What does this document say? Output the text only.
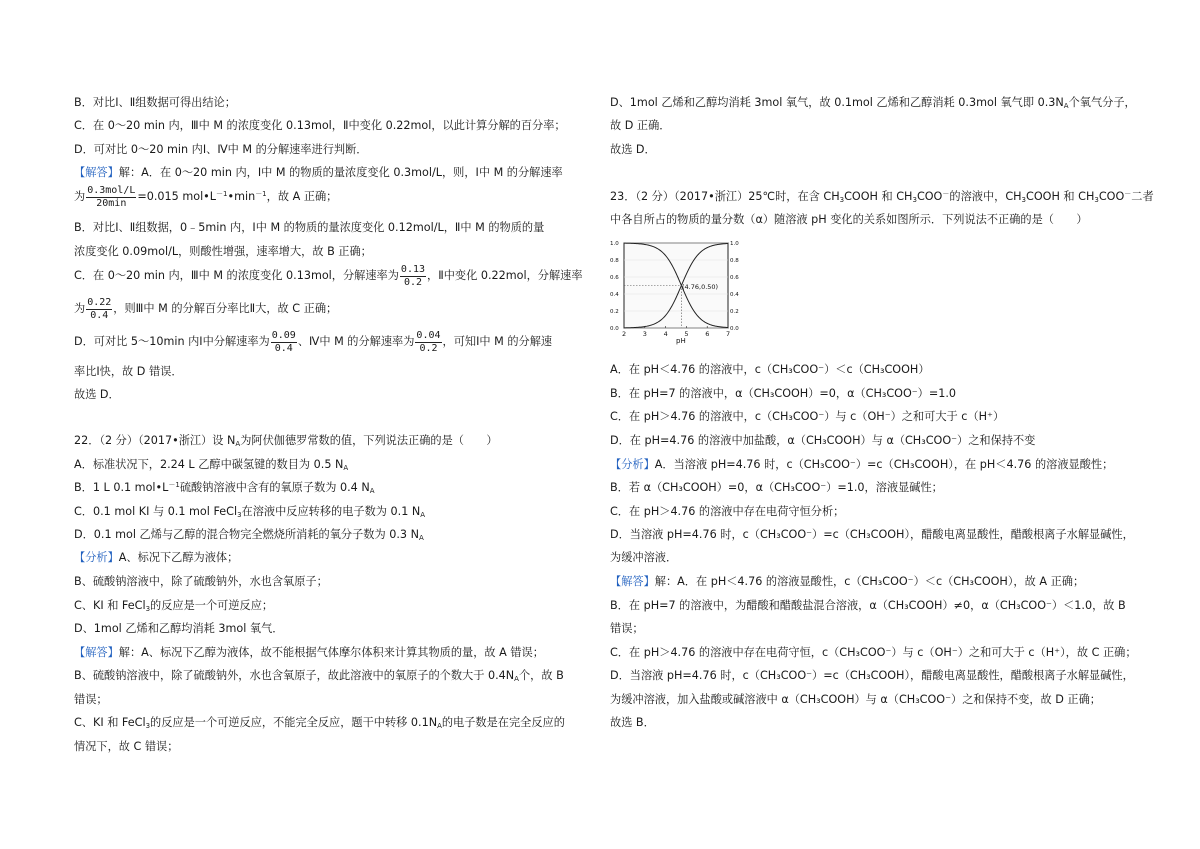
B．对比Ⅰ、Ⅱ组数据可得出结论；
C．在 0～20 min 内，Ⅲ中 M 的浓度变化 0.13mol，Ⅱ中变化 0.22mol，以此计算分解的百分率；
D．可对比 0～20 min 内Ⅰ、Ⅳ中 M 的分解速率进行判断．
【解答】解：A．在 0～20 min 内，Ⅰ中 M 的物质的量浓度变化 0.3mol/L，则，Ⅰ中 M 的分解速率
为 $\frac{\text{0.3mol/L}}{20\min} =0.015$ $mol•L^{-1}•\min^{-1}$，故 A 正确；
B．对比Ⅰ、Ⅱ组数据，0﹣5min 内，Ⅰ中 M 的物质的量浓度变化 0.12mol/L，Ⅱ中 M 的物质的量
浓度变化 0.09mol/L，则酸性增强，速率增大，故 B 正确；
C．在 0～20 min 内，Ⅲ中 M 的浓度变化 0.13mol，分解速率为 $\frac{0.13}{0.2}$ ，Ⅱ中变化 0.22mol，分解速率
为 $\frac{0.22}{0.4}$ ，则Ⅲ中 M 的分解百分率比Ⅱ大，故 C 正确；
D．可对比 5～10min 内Ⅰ中分解速率为 $\frac{0.09}{0.4}$ 、Ⅳ中 M 的分解速率为 $\frac{0.04}{0.2}$ ，可知Ⅰ中 M 的分解速
率比Ⅰ快，故 D 错误．
故选 D．
22．（2 分）（2017•浙江）设 $N_A$为阿伏伽德罗常数的值，下列说法正确的是（　　）
A．标准状况下，2.24 L 乙醇中碳氢键的数目为 0.5 $N_A$
B．1 L 0.1 $mol•L^{-1}$硫酸钠溶液中含有的氧原子数为 0.4 $N_A$
C．0.1 mol KI 与 0.1 mol FeCl$_3$在溶液中反应转移的电子数为 0.1 $N_A$
D．0.1 mol 乙烯与乙醇的混合物完全燃烧所消耗的氧分子数为 0.3 $N_A$
【分析】A、标况下乙醇为液体；
B、硫酸钠溶液中，除了硫酸钠外，水也含氧原子；
C、KI 和 FeCl$_3$的反应是一个可逆反应；
D、1mol 乙烯和乙醇均消耗 3mol 氧气．
【解答】解：A、标况下乙醇为液体，故不能根据气体摩尔体积来计算其物质的量，故 A 错误；
B、硫酸钠溶液中，除了硫酸钠外，水也含氧原子，故此溶液中的氧原子的个数大于 $0.4N_A$个，故 B
错误；
C、KI 和 FeCl$_3$的反应是一个可逆反应，不能完全反应，题干中转移 $0.1N_A$的电子数是在完全反应的
情况下，故 C 错误；
D、1mol 乙烯和乙醇均消耗 3mol 氧气，故 0.1mol 乙烯和乙醇消耗 0.3mol 氧气即 $0.3N_A$个氧气分子，
故 D 正确．
故选 D．
23．（2 分）（2017•浙江）25℃时，在含 $CH_3COOH$ 和 $CH_3COO^-$的溶液中，$CH_3COOH$ 和 $CH_3COO^-$二者
中各自所占的物质的量分数（α）随溶液 pH 变化的关系如图所示．下列说法不正确的是（　　）
2	3	4	5	6	7
0.0
0.2
0.4
0.6
0.8
1.0
0.0
0.2
0.4
0.6
0.8
1.0
(4.76,0.50)
pH
A．在 pH＜4.76 的溶液中，c（CH₃COO⁻）＜c（CH₃COOH）
B．在 pH=7 的溶液中，α（CH₃COOH）=0，α（CH₃COO⁻）=1.0
C．在 pH＞4.76 的溶液中，c（CH₃COO⁻）与 c（OH⁻）之和可大于 c（H⁺）
D．在 pH=4.76 的溶液中加盐酸，α（CH₃COOH）与 α（CH₃COO⁻）之和保持不变
【分析】A．当溶液 pH=4.76 时，c（CH₃COO⁻）=c（CH₃COOH），在 pH＜4.76 的溶液显酸性；
B．若 α（CH₃COOH）=0，α（CH₃COO⁻）=1.0，溶液显碱性；
C．在 pH＞4.76 的溶液中存在电荷守恒分析；
D．当溶液 pH=4.76 时，c（CH₃COO⁻）=c（CH₃COOH），醋酸电离显酸性，醋酸根离子水解显碱性，
为缓冲溶液．
【解答】解：A．在 pH＜4.76 的溶液显酸性，c（CH₃COO⁻）＜c（CH₃COOH），故 A 正确；
B．在 pH=7 的溶液中，为醋酸和醋酸盐混合溶液，α（CH₃COOH）≠0，α（CH₃COO⁻）＜1.0，故 B
错误；
C．在 pH＞4.76 的溶液中存在电荷守恒，c（CH₃COO⁻）与 c（OH⁻）之和可大于 c（H⁺），故 C 正确；
D．当溶液 pH=4.76 时，c（CH₃COO⁻）=c（CH₃COOH），醋酸电离显酸性，醋酸根离子水解显碱性，
为缓冲溶液，加入盐酸或碱溶液中 α（CH₃COOH）与 α（CH₃COO⁻）之和保持不变，故 D 正确；
故选 B．
